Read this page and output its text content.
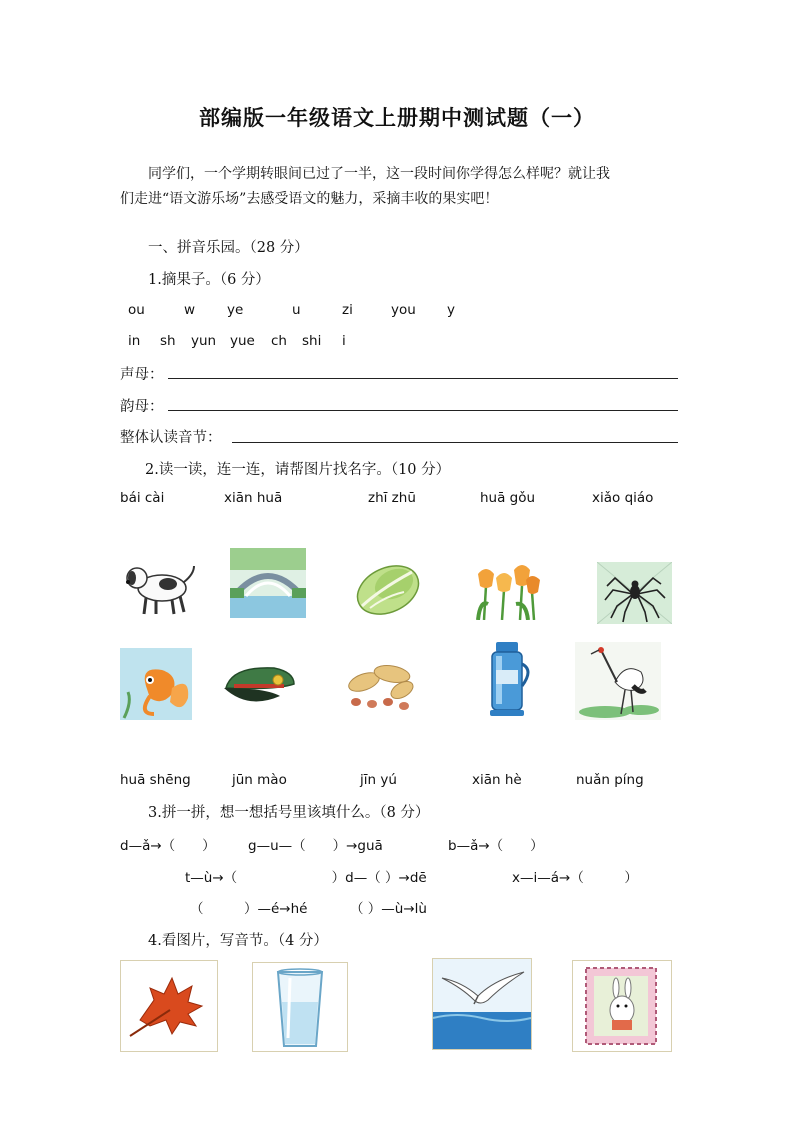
部编版一年级语文上册期中测试题（一）
同学们，一个学期转眼间已过了一半，这一段时间你学得怎么样呢？就让我
们走进“语文游乐场”去感受语文的魅力，采摘丰收的果实吧！
一、拼音乐园。（28 分）
1.摘果子。（6 分）
ou	w ye	u	zi	you y
in sh yun yue ch shi i
声母：
韵母：
整体认读音节：
2.读一读，连一连，请帮图片找名字。（10 分）
bái cài	xiān huā	zhī zhū	huā gǒu	xiǎo qiáo
huā shēng	jūn mào	jīn yú	xiān hè	nuǎn píng
3.拼一拼，想一想括号里该填什么。（8 分）
d—ǎ→（　　） g—u—（　　）→guā	b—ǎ→（　　）
t—ù→（　　　　　　　）d—（ ）→dē	x—i—á→（　　　）
（　　　）—é→hé	（ ）—ù→lù
4.看图片，写音节。（4 分）
